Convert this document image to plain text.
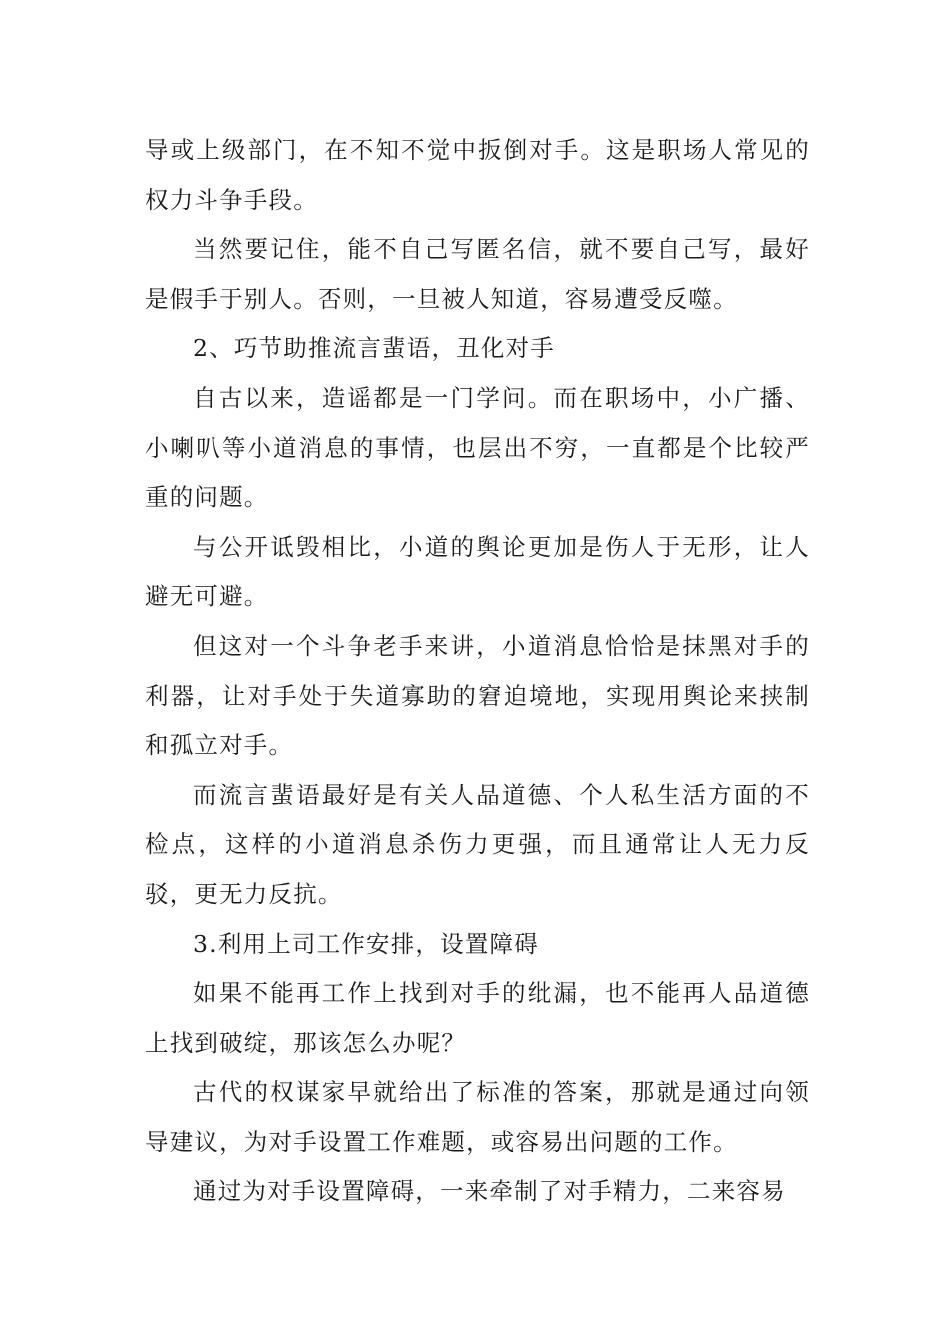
导或上级部门，在不知不觉中扳倒对手。这是职场人常见的权力斗争手段。

当然要记住，能不自己写匿名信，就不要自己写，最好是假手于别人。否则，一旦被人知道，容易遭受反噬。

2、巧节助推流言蜚语，丑化对手

自古以来，造谣都是一门学问。而在职场中，小广播、小喇叭等小道消息的事情，也层出不穷，一直都是个比较严重的问题。

与公开诋毁相比，小道的舆论更加是伤人于无形，让人避无可避。

但这对一个斗争老手来讲，小道消息恰恰是抹黑对手的利器，让对手处于失道寡助的窘迫境地，实现用舆论来挟制和孤立对手。

而流言蜚语最好是有关人品道德、个人私生活方面的不检点，这样的小道消息杀伤力更强，而且通常让人无力反驳，更无力反抗。

3.利用上司工作安排，设置障碍

如果不能再工作上找到对手的纰漏，也不能再人品道德上找到破绽，那该怎么办呢？

古代的权谋家早就给出了标准的答案，那就是通过向领导建议，为对手设置工作难题，或容易出问题的工作。

通过为对手设置障碍，一来牵制了对手精力，二来容易
